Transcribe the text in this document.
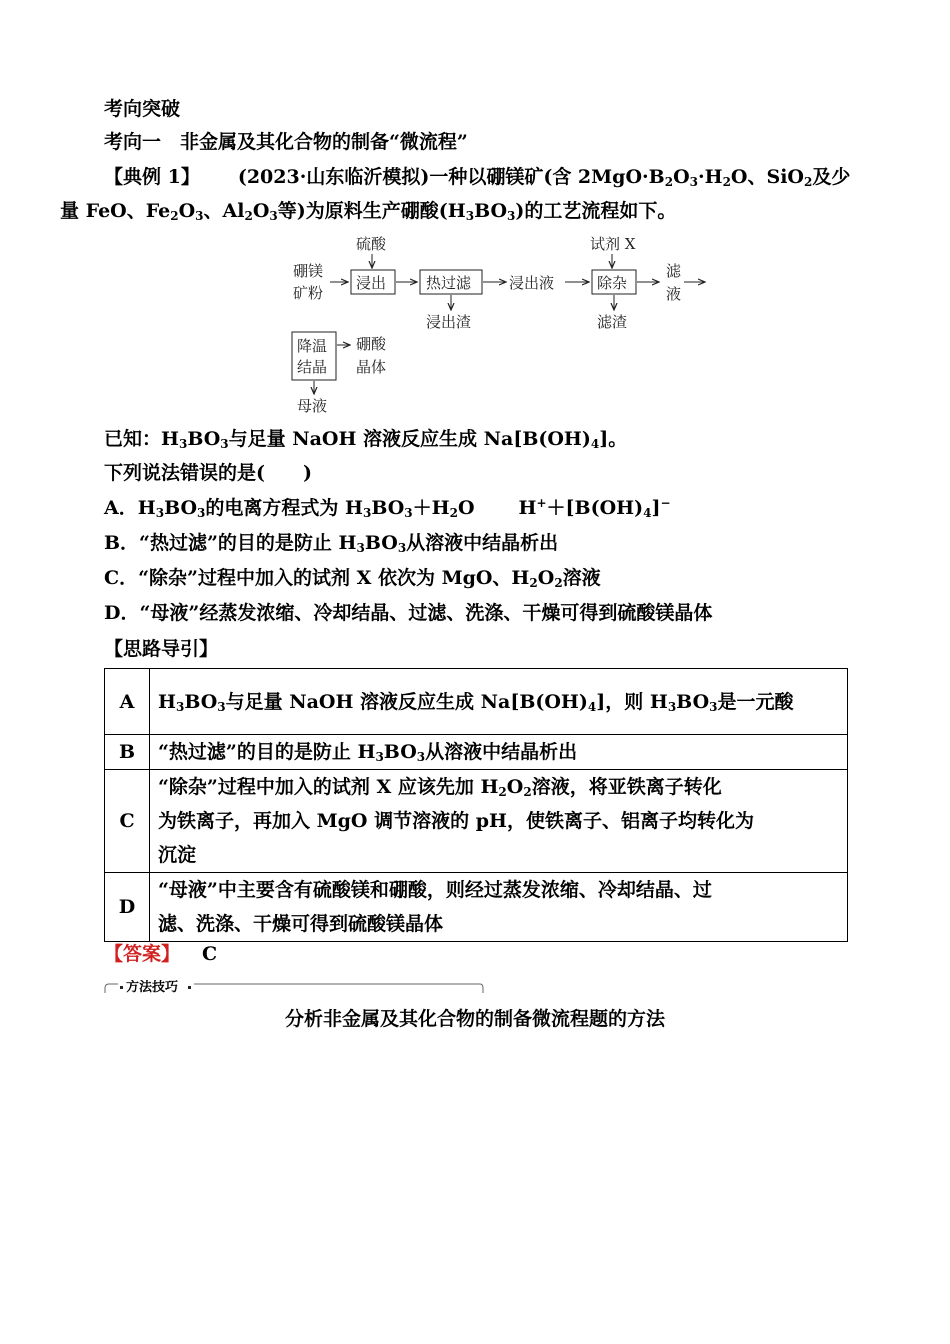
考向突破
考向一　非金属及其化合物的制备“微流程”
【典例 1】 (2023·山东临沂模拟)一种以硼镁矿(含 $2MgO\cdot B_2O_3\cdot H_2O$、SiO$_2$及少
量 FeO、$Fe_2O_3$、$Al_2O_3$等)为原料生产硼酸$(H_3BO_3)$的工艺流程如下。
硼镁
矿粉
硫酸
浸出	热过滤
浸出渣
浸出液
试剂 X
除杂
滤渣
滤
液
降温
结晶
硼酸
晶体
母液
已知：$H_3BO_3$与足量 NaOH 溶液反应生成 $Na[B(OH)_4]$。
下列说法错误的是(　　)
A．$H_3BO_3$的电离方程式为 $H_3BO_3+H_2O$ $H^++[B(OH)_4]^-$
B．“热过滤”的目的是防止 $H_3BO_3$从溶液中结晶析出
C．“除杂”过程中加入的试剂 X 依次为 MgO、$H_2O_2$溶液
D．“母液”经蒸发浓缩、冷却结晶、过滤、洗涤、干燥可得到硫酸镁晶体
【思路导引】
A	$H_3BO_3$与足量 NaOH 溶液反应生成 $Na[B(OH)_4]$，则 $H_3BO_3$是一元酸
B	“热过滤”的目的是防止 $H_3BO_3$从溶液中结晶析出
C	“除杂”过程中加入的试剂 X 应该先加 $H_2O_2$溶液，将亚铁离子转化
为铁离子，再加入 MgO 调节溶液的 pH，使铁离子、铝离子均转化为
沉淀
D	“母液”中主要含有硫酸镁和硼酸，则经过蒸发浓缩、冷却结晶、过
滤、洗涤、干燥可得到硫酸镁晶体
【答案】 C
方法技巧
分析非金属及其化合物的制备微流程题的方法
